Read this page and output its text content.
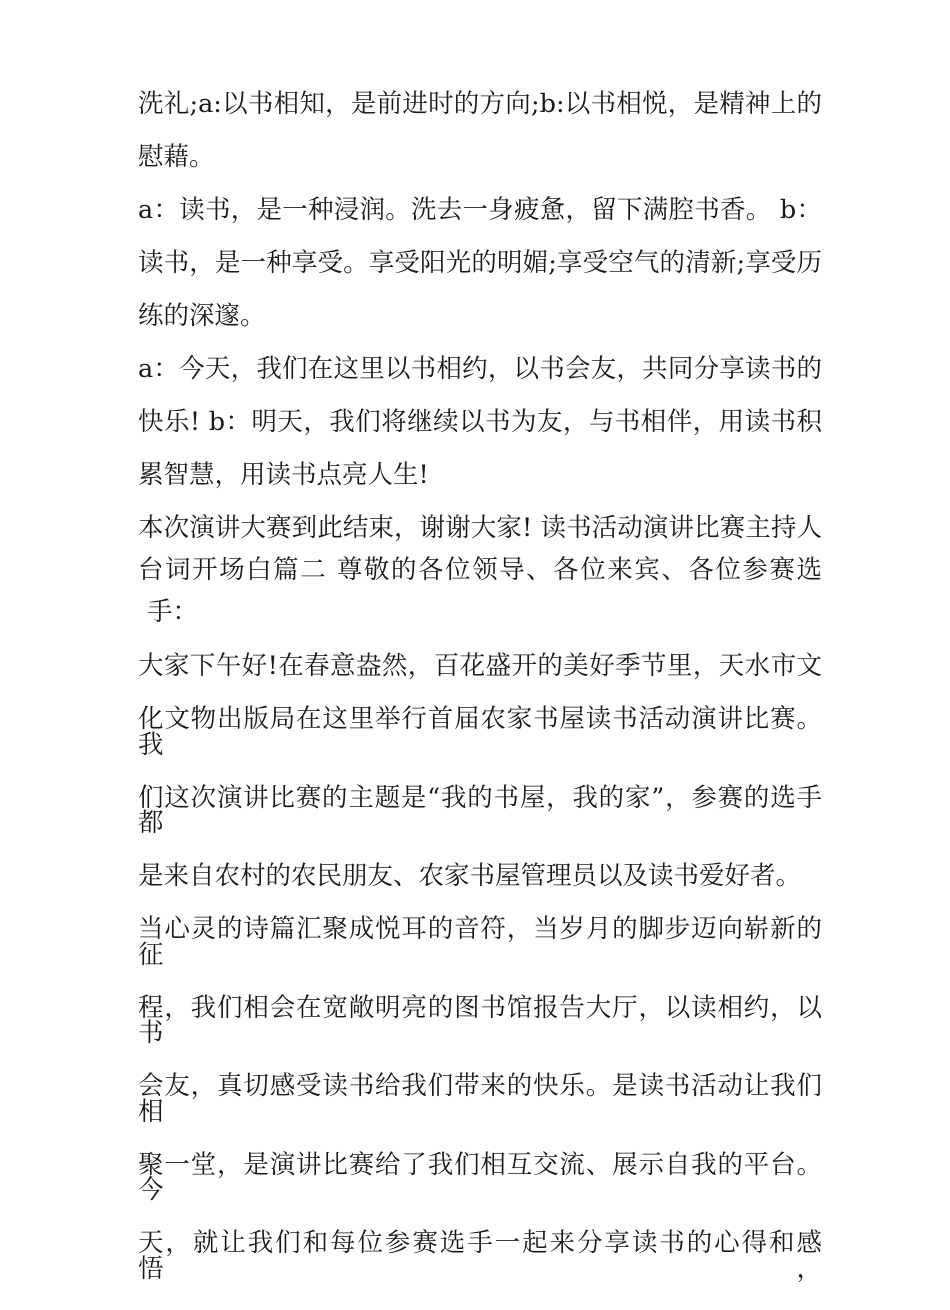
洗礼;a:以书相知，是前进时的方向;b:以书相悦，是精神上的
慰藉。
a：读书，是一种浸润。洗去一身疲惫，留下满腔书香。 b：
读书，是一种享受。享受阳光的明媚;享受空气的清新;享受历
练的深邃。
a：今天，我们在这里以书相约，以书会友，共同分享读书的
快乐! b：明天，我们将继续以书为友，与书相伴，用读书积
累智慧，用读书点亮人生!
本次演讲大赛到此结束，谢谢大家! 读书活动演讲比赛主持人
台词开场白篇二 尊敬的各位领导、各位来宾、各位参赛选
手：
大家下午好!在春意盎然，百花盛开的美好季节里，天水市文
化文物出版局在这里举行首届农家书屋读书活动演讲比赛。我
们这次演讲比赛的主题是“我的书屋，我的家”，参赛的选手都
是来自农村的农民朋友、农家书屋管理员以及读书爱好者。
当心灵的诗篇汇聚成悦耳的音符，当岁月的脚步迈向崭新的征
程，我们相会在宽敞明亮的图书馆报告大厅，以读相约，以书
会友，真切感受读书给我们带来的快乐。是读书活动让我们相
聚一堂，是演讲比赛给了我们相互交流、展示自我的平台。今
天，就让我们和每位参赛选手一起来分享读书的心得和感悟，
